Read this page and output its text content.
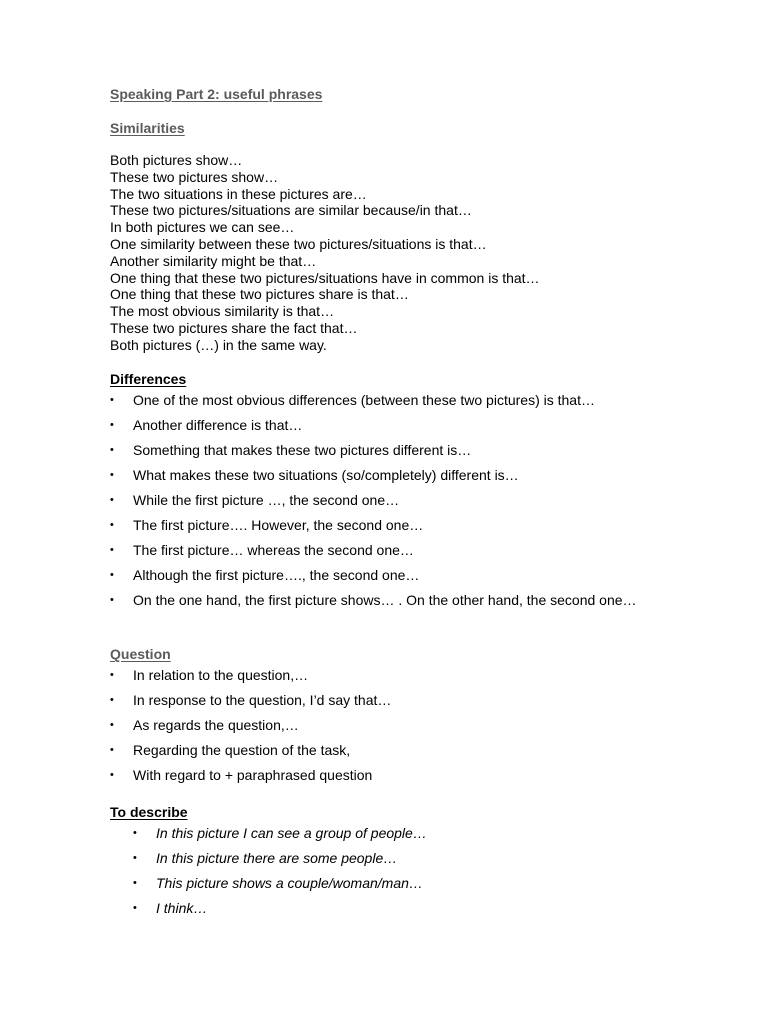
Speaking Part 2: useful phrases
Similarities
Both pictures show…
These two pictures show…
The two situations in these pictures are…
These two pictures/situations are similar because/in that…
In both pictures we can see…
One similarity between these two pictures/situations is that…
Another similarity might be that…
One thing that these two pictures/situations have in common is that…
One thing that these two pictures share is that…
The most obvious similarity is that…
These two pictures share the fact that…
Both pictures (…) in the same way.
Differences
•	One of the most obvious differences (between these two pictures) is that…
•	Another difference is that…
•	Something that makes these two pictures different is…
•	What makes these two situations (so/completely) different is…
•	While the first picture …, the second one…
•	The first picture…. However, the second one…
•	The first picture… whereas the second one…
•	Although the first picture…., the second one…
•	On the one hand, the first picture shows… . On the other hand, the second one…
Question
•	In relation to the question,…
•	In response to the question, I’d say that…
•	As regards the question,…
•	Regarding the question of the task,
•	With regard to + paraphrased question
To describe
•	In this picture I can see a group of people…
•	In this picture there are some people…
•	This picture shows a couple/woman/man…
•	I think…
